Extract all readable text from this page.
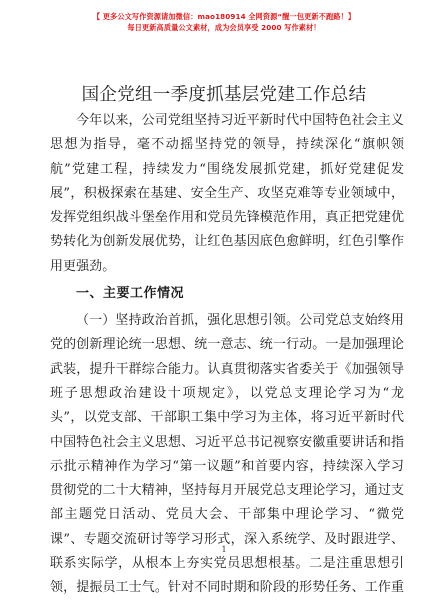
【 更多公文写作资源请加微信：mao180914 全网资源“醒一包更新不跑路！】
每日更新高质量公文素材，成为会员享受 2000 写作素材！
国企党组一季度抓基层党建工作总结
今年以来，公司党组坚持习近平新时代中国特色社会主义
思想为指导，毫不动摇坚持党的领导，持续深化“旗帜领
航”党建工程，持续发力“围绕发展抓党建，抓好党建促发
展”，积极探索在基建、安全生产、攻坚克难等专业领域中，
发挥党组织战斗堡垒作用和党员先锋模范作用，真正把党建优
势转化为创新发展优势，让红色基因底色愈鲜明，红色引擎作
用更强劲。
一、主要工作情况
（一）坚持政治首抓，强化思想引领。公司党总支始终用
党的创新理论统一思想、统一意志、统一行动。一是加强理论
武装，提升干群综合能力。认真贯彻落实省委关于《加强领导
班子思想政治建设十项规定》，以党总支理论学习为“龙
头”，以党支部、干部职工集中学习为主体，将习近平新时代
中国特色社会主义思想、习近平总书记视察安徽重要讲话和指
示批示精神作为学习“第一议题”和首要内容，持续深入学习
贯彻党的二十大精神，坚持每月开展党总支理论学习，通过支
部主题党日活动、党员大会、干部集中理论学习、“微党
课”、专题交流研讨等学习形式，深入系统学、及时跟进学、
联系实际学，从根本上夯实党员思想根基。二是注重思想引
领，提振员工士气。针对不同时期和阶段的形势任务、工作重
1
